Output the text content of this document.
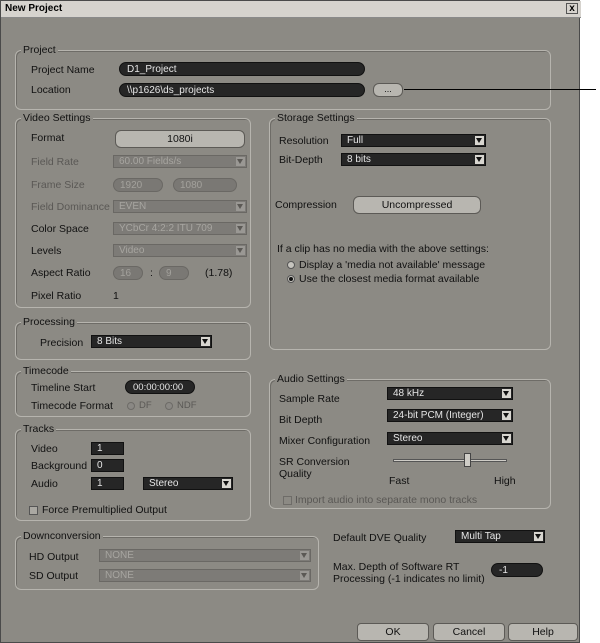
New Project	x
Project
Project Name	D1_Project
Location	\\p1626\ds_projects	...
Video Settings
Format	1080i
Field Rate	60.00 Fields/s
Frame Size	1920	1080
Field Dominance EVEN
Color Space	YCbCr 4:2:2 ITU 709
Levels	Video
Aspect Ratio	16	:	9	(1.78)
Pixel Ratio	1
Storage Settings
Resolution	Full
Bit-Depth	8 bits
Compression	Uncompressed
If a clip has no media with the above settings:
Display a 'media not available' message
Use the closest media format available
Processing
Precision	8 Bits
Timecode
Timeline Start	00:00:00:00
Timecode Format	DF	NDF
Tracks
Video	1
Background 0
Audio	1	Stereo
Force Premultiplied Output
Audio Settings
Sample Rate	48 kHz
Bit Depth	24-bit PCM (Integer)
Mixer Configuration	Stereo
SR Conversion
Quality
Fast	High
Import audio into separate mono tracks
Downconversion
HD Output	NONE
SD Output	NONE
Default DVE Quality	Multi Tap
Max. Depth of Software RT
Processing (-1 indicates no limit)
-1
OK	Cancel	Help
